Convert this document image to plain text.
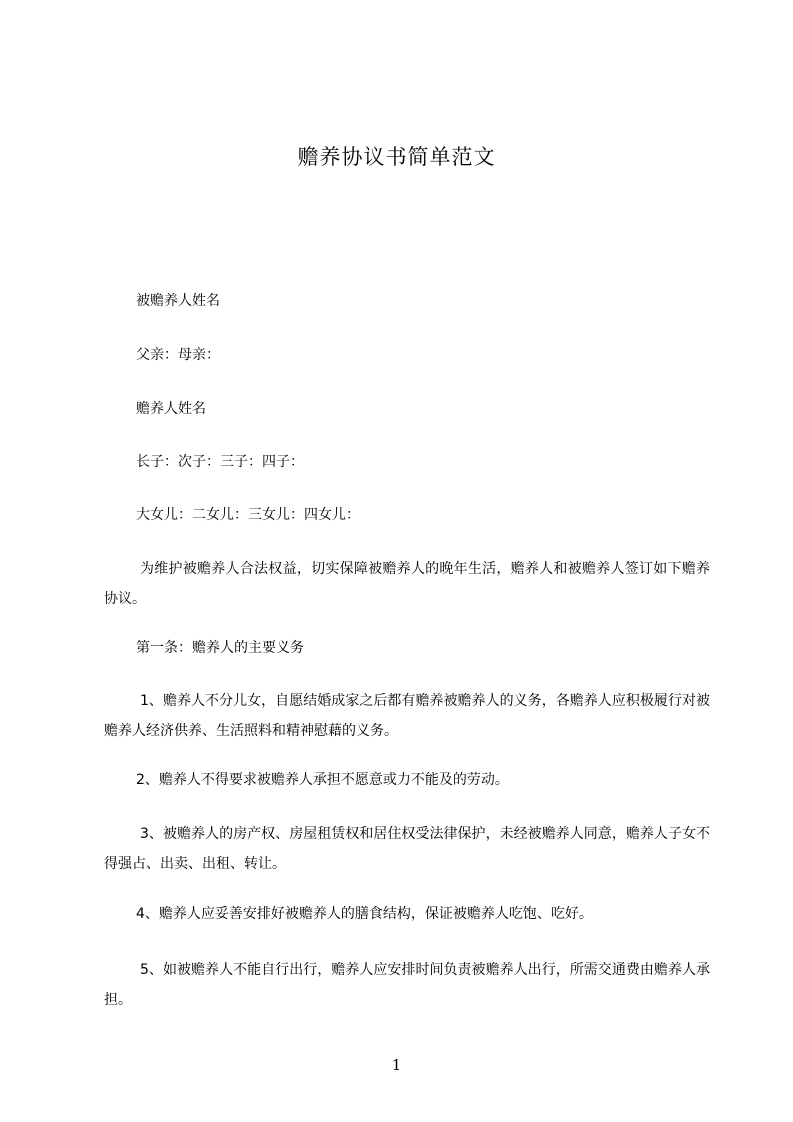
赡养协议书简单范文

被赡养人姓名

父亲：母亲：

赡养人姓名

长子：次子：三子：四子：

大女儿：二女儿：三女儿：四女儿：

为维护被赡养人合法权益，切实保障被赡养人的晚年生活，赡养人和被赡养人签订如下赡养协议。

第一条：赡养人的主要义务

1、赡养人不分儿女，自愿结婚成家之后都有赡养被赡养人的义务，各赡养人应积极履行对被赡养人经济供养、生活照料和精神慰藉的义务。

2、赡养人不得要求被赡养人承担不愿意或力不能及的劳动。

3、被赡养人的房产权、房屋租赁权和居住权受法律保护，未经被赡养人同意，赡养人子女不得强占、出卖、出租、转让。

4、赡养人应妥善安排好被赡养人的膳食结构，保证被赡养人吃饱、吃好。

5、如被赡养人不能自行出行，赡养人应安排时间负责被赡养人出行，所需交通费由赡养人承担。

1
